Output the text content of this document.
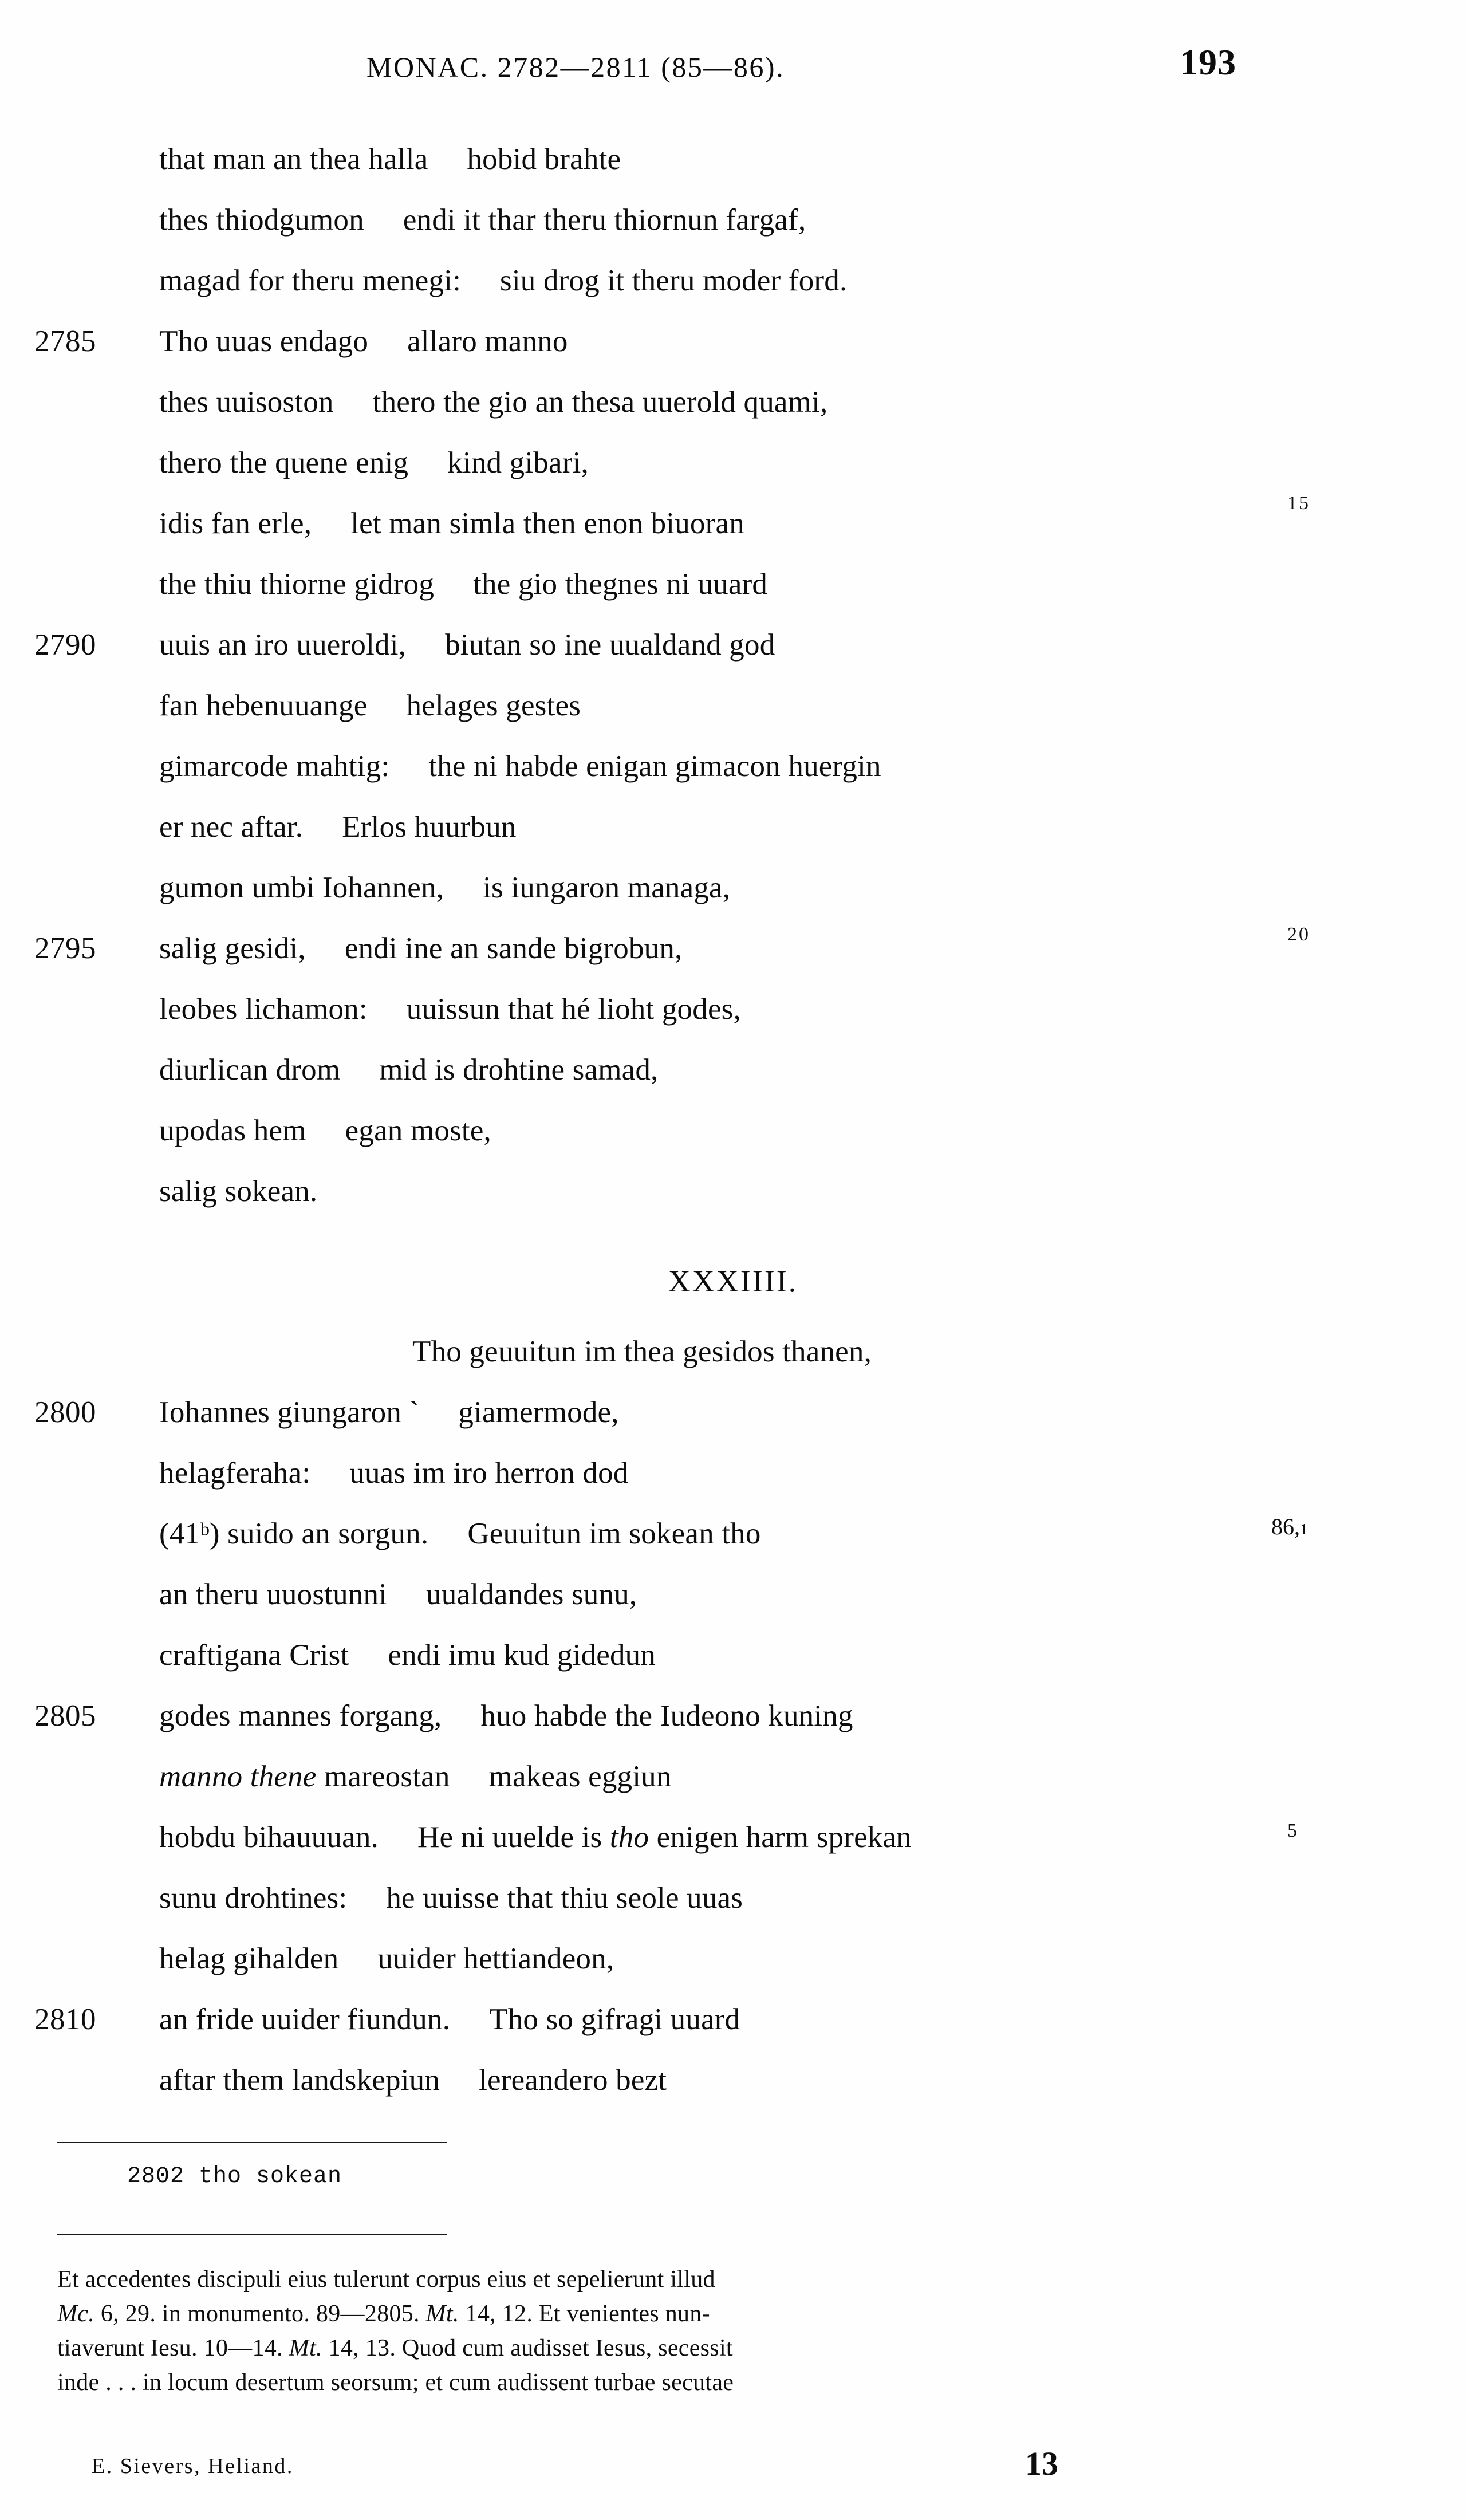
MONAC. 2782—2811 (85—86).	193
that man an thea halla hobid brahte
thes thiodgumon endi it thar theru thiornun fargaf,
magad for theru menegi: siu drog it theru moder ford.
2785	Tho uuas endago allaro manno
thes uuisoston thero the gio an thesa uuerold quami,
thero the quene enig kind gibari,
idis fan erle, let man simla then enon biuoran
the thiu thiorne gidrog the gio thegnes ni uuard
2790	uuis an iro uueroldi, biutan so ine uualdand god
fan hebenuuange helages gestes
gimarcode mahtig: the ni habde enigan gimacon huergin
er nec aftar. Erlos huurbun
gumon umbi Iohannen, is iungaron managa,
2795	salig gesidi, endi ine an sande bigrobun,
leobes lichamon: uuissun that hé lioht godes,
diurlican drom mid is drohtine samad,
upodas hem egan moste,
salig sokean.
XXXIIII.
Tho geuuitun im thea gesidos thanen,
2800	Iohannes giungaron ˋ giamermode,
helagferaha: uuas im iro herron dod
(41ᵇ) suido an sorgun. Geuuitun im sokean tho
an theru uuostunni uualdandes sunu,
craftigana Crist endi imu kud gidedun
2805	godes mannes forgang, huo habde the Iudeono kuning
manno thene mareostan makeas eggiun
hobdu bihauuuan. He ni uuelde is tho enigen harm sprekan
sunu drohtines: he uuisse that thiu seole uuas
helag gihalden uuider hettiandeon,
2810	an fride uuider fiundun. Tho so gifragi uuard
aftar them landskepiun lereandero bezt
15
20
86,1
5
2802 tho sokean
Et accedentes discipuli eius tulerunt corpus eius et sepelierunt illud
Mc. 6, 29. in monumento. 89—2805. Mt. 14, 12. Et venientes nun-
tiaverunt Iesu. 10—14. Mt. 14, 13. Quod cum audisset Iesus, secessit
inde . . . in locum desertum seorsum; et cum audissent turbae secutae
E. Sievers, Heliand.	13
